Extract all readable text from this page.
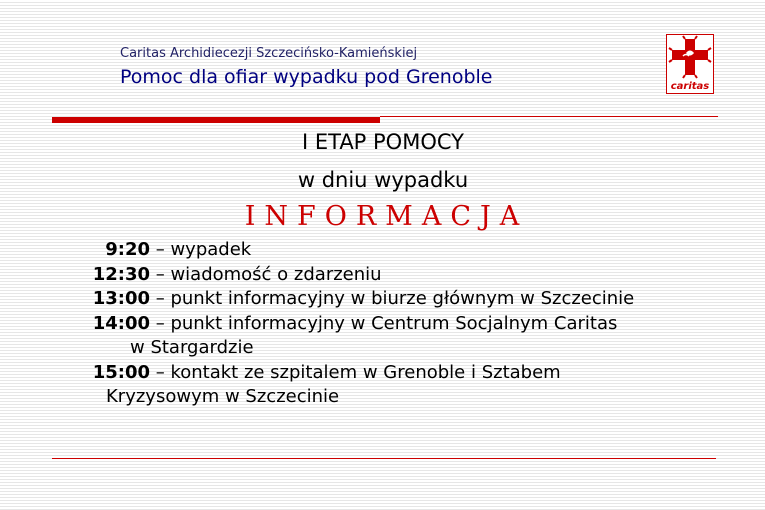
Caritas Archidiecezji Szczecińsko-Kamieńskiej
Pomoc dla ofiar wypadku pod Grenoble	caritas
I ETAP POMOCY
w dniu wypadku
INFORMACJA
9:20 – wypadek
12:30 – wiadomość o zdarzeniu
13:00 – punkt informacyjny w biurze głównym w Szczecinie
14:00 – punkt informacyjny w Centrum Socjalnym Caritas
w Stargardzie
15:00 – kontakt ze szpitalem w Grenoble i Sztabem
Kryzysowym w Szczecinie
